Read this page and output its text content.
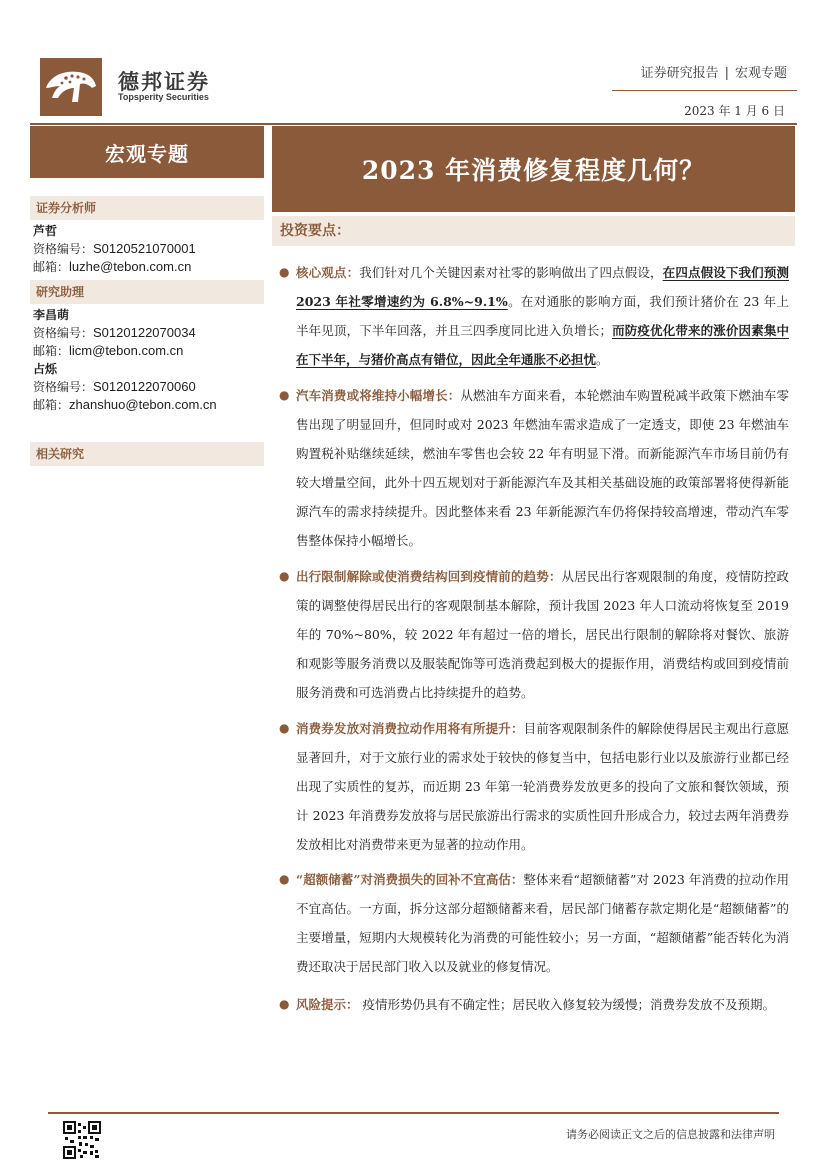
德邦证券
Topsperity Securities
证券研究报告 | 宏观专题
2023 年 1 月 6 日
宏观专题
证券分析师
芦哲
资格编号：S0120521070001
邮箱：luzhe@tebon.com.cn
研究助理
李昌萌
资格编号：S0120122070034
邮箱：licm@tebon.com.cn
占烁
资格编号：S0120122070060
邮箱：zhanshuo@tebon.com.cn
相关研究
2023 年消费修复程度几何？
投资要点：
● 核心观点：我们针对几个关键因素对社零的影响做出了四点假设，在四点假设下我们预测 2023 年社零增速约为 6.8%~9.1%。在对通胀的影响方面，我们预计猪价在 23 年上半年见顶，下半年回落，并且三四季度同比进入负增长；而防疫优化带来的涨价因素集中在下半年，与猪价高点有错位，因此全年通胀不必担忧。
● 汽车消费或将维持小幅增长：从燃油车方面来看，本轮燃油车购置税减半政策下燃油车零售出现了明显回升，但同时或对 2023 年燃油车需求造成了一定透支，即使 23 年燃油车购置税补贴继续延续，燃油车零售也会较 22 年有明显下滑。而新能源汽车市场目前仍有较大增量空间，此外十四五规划对于新能源汽车及其相关基础设施的政策部署将使得新能源汽车的需求持续提升。因此整体来看 23 年新能源汽车仍将保持较高增速，带动汽车零售整体保持小幅增长。
● 出行限制解除或使消费结构回到疫情前的趋势：从居民出行客观限制的角度，疫情防控政策的调整使得居民出行的客观限制基本解除，预计我国 2023 年人口流动将恢复至 2019 年的 70%~80%，较 2022 年有超过一倍的增长，居民出行限制的解除将对餐饮、旅游和观影等服务消费以及服装配饰等可选消费起到极大的提振作用，消费结构或回到疫情前服务消费和可选消费占比持续提升的趋势。
● 消费券发放对消费拉动作用将有所提升：目前客观限制条件的解除使得居民主观出行意愿显著回升，对于文旅行业的需求处于较快的修复当中，包括电影行业以及旅游行业都已经出现了实质性的复苏，而近期 23 年第一轮消费券发放更多的投向了文旅和餐饮领域，预计 2023 年消费券发放将与居民旅游出行需求的实质性回升形成合力，较过去两年消费券发放相比对消费带来更为显著的拉动作用。
● “超额储蓄”对消费损失的回补不宜高估：整体来看“超额储蓄”对 2023 年消费的拉动作用不宜高估。一方面，拆分这部分超额储蓄来看，居民部门储蓄存款定期化是“超额储蓄”的主要增量，短期内大规模转化为消费的可能性较小；另一方面，“超额储蓄”能否转化为消费还取决于居民部门收入以及就业的修复情况。
● 风险提示： 疫情形势仍具有不确定性；居民收入修复较为缓慢；消费券发放不及预期。
请务必阅读正文之后的信息披露和法律声明
